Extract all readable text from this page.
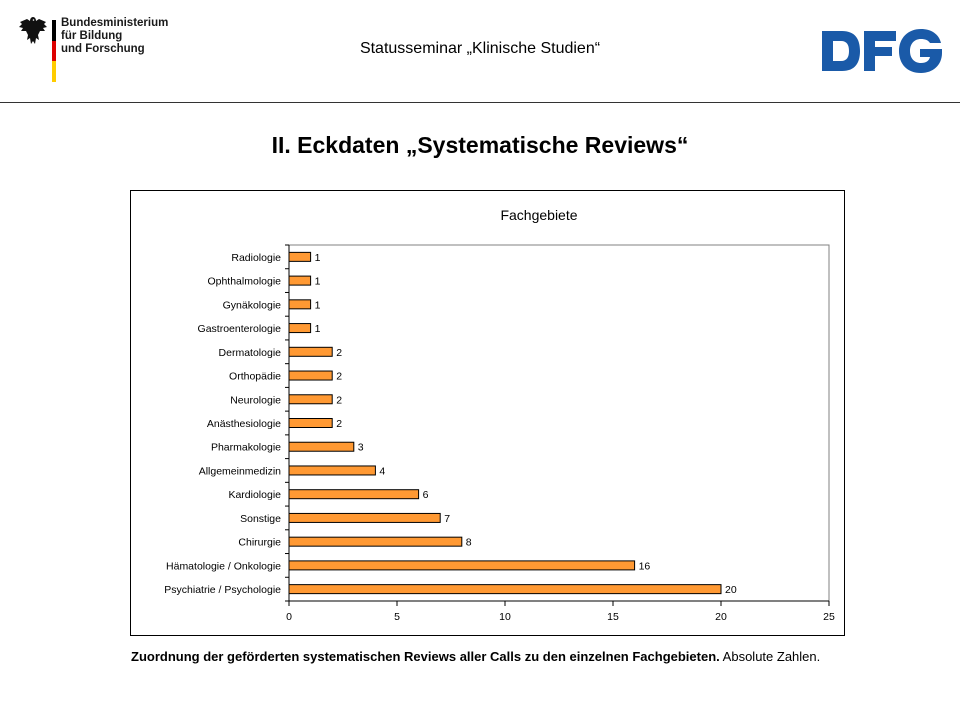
Bundesministerium
für Bildung
und Forschung	Statusseminar „Klinische Studien“
II. Eckdaten „Systematische Reviews“
Fachgebiete
Radiologie	1
Ophthalmologie	1
Gynäkologie	1
Gastroenterologie	1
Dermatologie	2
Orthopädie	2
Neurologie	2
Anästhesiologie	2
Pharmakologie	3
Allgemeinmedizin	4
Kardiologie	6
Sonstige	7
Chirurgie	8
Hämatologie / Onkologie	16
Psychiatrie / Psychologie	20
0	5	10	15	20	25
Zuordnung der geförderten systematischen Reviews aller Calls zu den einzelnen Fachgebieten. Absolute Zahlen.
